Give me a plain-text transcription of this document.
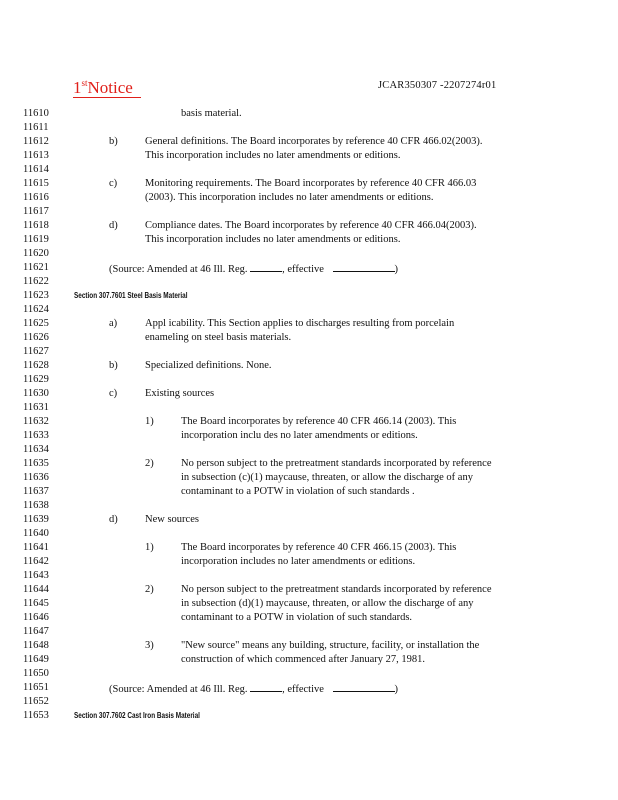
1stNotice	JCAR350307 -2207274r01
11610
11611
11612
11613
11614
11615
11616
11617
11618
11619
11620
11621
11622
11623
11624
11625
11626
11627
11628
11629
11630
11631
11632
11633
11634
11635
11636
11637
11638
11639
11640
11641
11642
11643
11644
11645
11646
11647
11648
11649
11650
11651
11652
11653
basis material.
b)	General definitions. The Board incorporates by reference 40 CFR 466.02(2003).
This incorporation includes no later amendments or editions.
c)	Monitoring requirements. The Board incorporates by reference 40 CFR 466.03
(2003). This incorporation includes no later amendments or editions.
d)	Compliance dates. The Board incorporates by reference 40 CFR 466.04(2003).
This incorporation includes no later amendments or editions.
(Source: Amended at 46 Ill. Reg.	, effective	)
Section 307.7601 Steel Basis Material
a)	Appl icability. This Section applies to discharges resulting from porcelain
enameling on steel basis materials.
b)	Specialized definitions. None.
c)	Existing sources
1)	The Board incorporates by reference 40 CFR 466.14 (2003). This
incorporation inclu des no later amendments or editions.
2)	No person subject to the pretreatment standards incorporated by reference
in subsection (c)(1) maycause, threaten, or allow the discharge of any
contaminant to a POTW in violation of such standards .
d)	New sources
1)	The Board incorporates by reference 40 CFR 466.15 (2003). This
incorporation includes no later amendments or editions.
2)	No person subject to the pretreatment standards incorporated by reference
in subsection (d)(1) maycause, threaten, or allow the discharge of any
contaminant to a POTW in violation of such standards.
3)	"New source" means any building, structure, facility, or installation the
construction of which commenced after January 27, 1981.
(Source: Amended at 46 Ill. Reg.	, effective	)
Section 307.7602 Cast Iron Basis Material
